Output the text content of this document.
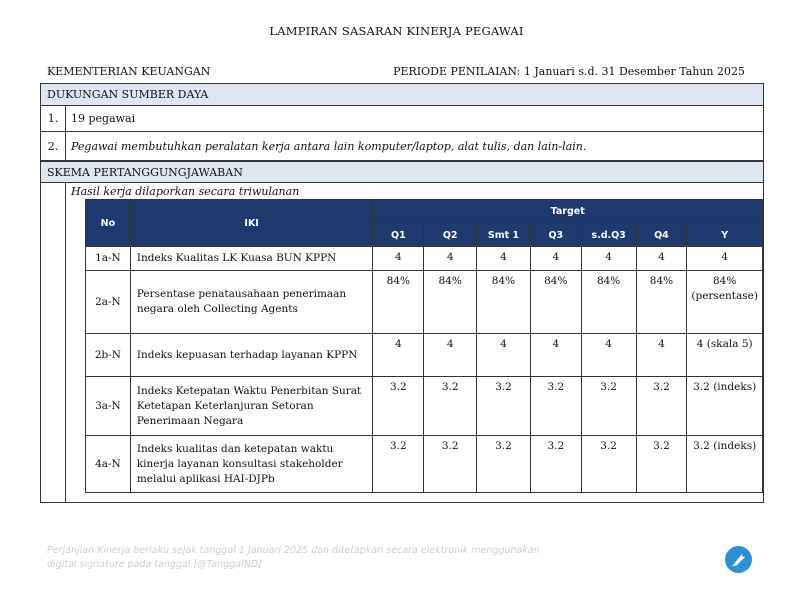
LAMPIRAN SASARAN KINERJA PEGAWAI
KEMENTERIAN KEUANGAN	PERIODE PENILAIAN: 1 Januari s.d. 31 Desember Tahun 2025
DUKUNGAN SUMBER DAYA
1.	19 pegawai
2.	Pegawai membutuhkan peralatan kerja antara lain komputer/laptop, alat tulis, dan lain-lain.
SKEMA PERTANGGUNGJAWABAN
Hasil kerja dilaporkan secara triwulanan
No	IKI	Target						
		Q1	Q2	Smt 1	Q3	s.d.Q3	Q4	Y
1a-N	Indeks Kualitas LK Kuasa BUN KPPN	4	4	4	4	4	4	4
2a-N	Persentase penatausahaan penerimaan negara oleh Collecting Agents	84%	84%	84%	84%	84%	84%	84% (persentase)
2b-N	Indeks kepuasan terhadap layanan KPPN	4	4	4	4	4	4	4 (skala 5)
3a-N	Indeks Ketepatan Waktu Penerbitan Surat Ketetapan Keterlanjuran Setoran Penerimaan Negara	3.2	3.2	3.2	3.2	3.2	3.2	3.2 (indeks)
4a-N	Indeks kualitas dan ketepatan waktu kinerja layanan konsultasi stakeholder melalui aplikasi HAI-DJPb	3.2	3.2	3.2	3.2	3.2	3.2	3.2 (indeks)
Perjanjian Kinerja berlaku sejak tanggal 1 Januari 2025 dan ditetapkan secara elektronik menggunakan
digital signature pada tanggal [@TanggalND]
